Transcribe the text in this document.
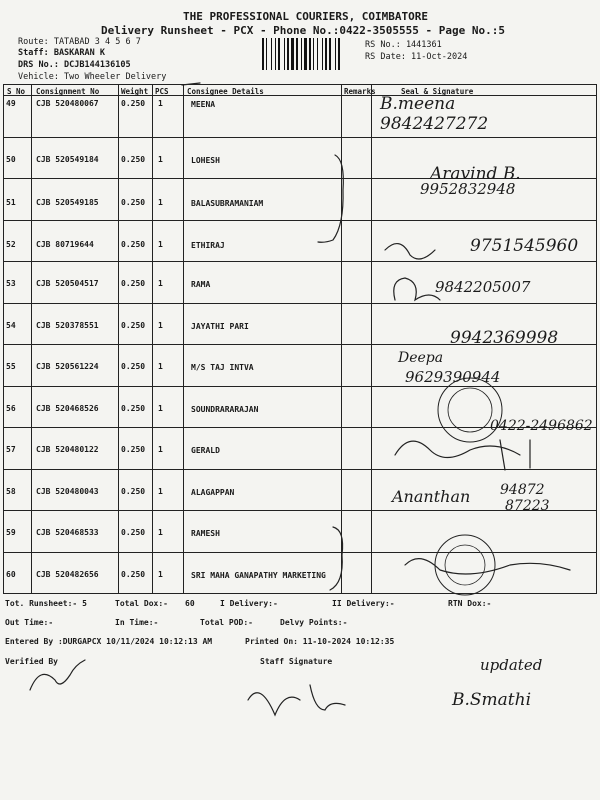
THE PROFESSIONAL COURIERS, COIMBATORE
Delivery Runsheet - PCX - Phone No.:0422-3505555 - Page No.:5
Route: TATABAD 3 4 5 6 7
Staff: BASKARAN K
DRS No.: DCJB144136105
Vehicle: Two Wheeler Delivery
RS No.: 1441361
RS Date: 11-Oct-2024
S No Consignment No	Weight PCS Consignee Details	Remarks	Seal & Signature
49	CJB 520480067	0.250 1	MEENA
50	CJB 520549184	0.250 1	LOHESH
51	CJB 520549185	0.250 1	BALASUBRAMANIAM
52	CJB 80719644	0.250 1	ETHIRAJ
53	CJB 520504517	0.250 1	RAMA
54	CJB 520378551	0.250 1	JAYATHI PARI
55	CJB 520561224	0.250 1	M/S TAJ INTVA
56	CJB 520468526	0.250 1	SOUNDRARARAJAN
57	CJB 520480122	0.250 1	GERALD
58	CJB 520480043	0.250 1	ALAGAPPAN
59	CJB 520468533	0.250 1	RAMESH
60	CJB 520482656	0.250 1	SRI MAHA GANAPATHY MARKETING
B.meena
9842427272
Aravind B.
9952832948
9751545960
9842205007
9942369998
Deepa
9629390944
0422-2496862
Ananthan 94872
87223
updated
B.Smathi
Tot. Runsheet:- 5	Total Dox:- 60	I Delivery:-	II Delivery:-	RTN Dox:-
Out Time:-	In Time:-	Total POD:-	Delvy Points:-
Entered By :DURGAPCX 10/11/2024 10:12:13 AM	Printed On: 11-10-2024 10:12:35
Verified By	Staff Signature
